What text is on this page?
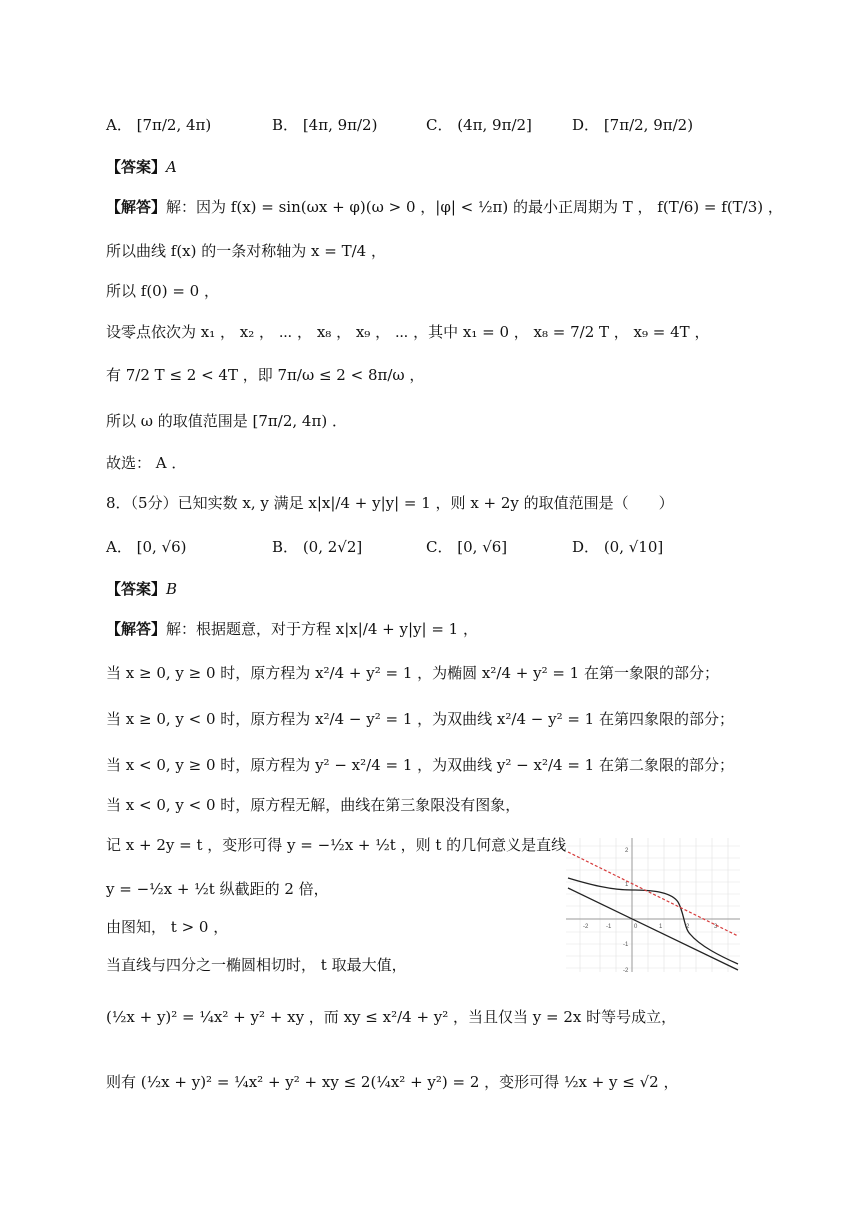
A． [7π/2, 4π)	B． [4π, 9π/2)	C． (4π, 9π/2]	D． [7π/2, 9π/2)
【答案】A
【解答】解：因为 f(x) = sin(ωx + φ)(ω > 0 ，|φ| < ½π) 的最小正周期为 T ， f(T/6) = f(T/3) ，
所以曲线 f(x) 的一条对称轴为 x = T/4 ，
所以 f(0) = 0 ，
设零点依次为 x₁ ， x₂ ， ⋯ ， x₈ ， x₉ ， ⋯ ，其中 x₁ = 0 ， x₈ = 7/2 T ， x₉ = 4T ，
有 7/2 T ≤ 2 < 4T ，即 7π/ω ≤ 2 < 8π/ω ，
所以 ω 的取值范围是 [7π/2, 4π) ．
故选： A ．
8．（5分）已知实数 x, y 满足 x|x|/4 + y|y| = 1 ，则 x + 2y 的取值范围是（　　）
A． [0, √6)	B． (0, 2√2]	C． [0, √6]	D． (0, √10]
【答案】B
【解答】解：根据题意，对于方程 x|x|/4 + y|y| = 1 ，
当 x ≥ 0, y ≥ 0 时，原方程为 x²/4 + y² = 1 ，为椭圆 x²/4 + y² = 1 在第一象限的部分；
当 x ≥ 0, y < 0 时，原方程为 x²/4 − y² = 1 ，为双曲线 x²/4 − y² = 1 在第四象限的部分；
当 x < 0, y ≥ 0 时，原方程为 y² − x²/4 = 1 ，为双曲线 y² − x²/4 = 1 在第二象限的部分；
当 x < 0, y < 0 时，原方程无解，曲线在第三象限没有图象，
记 x + 2y = t ，变形可得 y = −½x + ½t ，则 t 的几何意义是直线
y = −½x + ½t 纵截距的 2 倍，
由图知， t > 0 ，
当直线与四分之一椭圆相切时， t 取最大值，
(½x + y)² = ¼x² + y² + xy ，而 xy ≤ x²/4 + y² ，当且仅当 y = 2x 时等号成立，
则有 (½x + y)² = ¼x² + y² + xy ≤ 2(¼x² + y²) = 2 ，变形可得 ½x + y ≤ √2 ，
-2	-1	0	1	2	3
2
1
-1
-2
